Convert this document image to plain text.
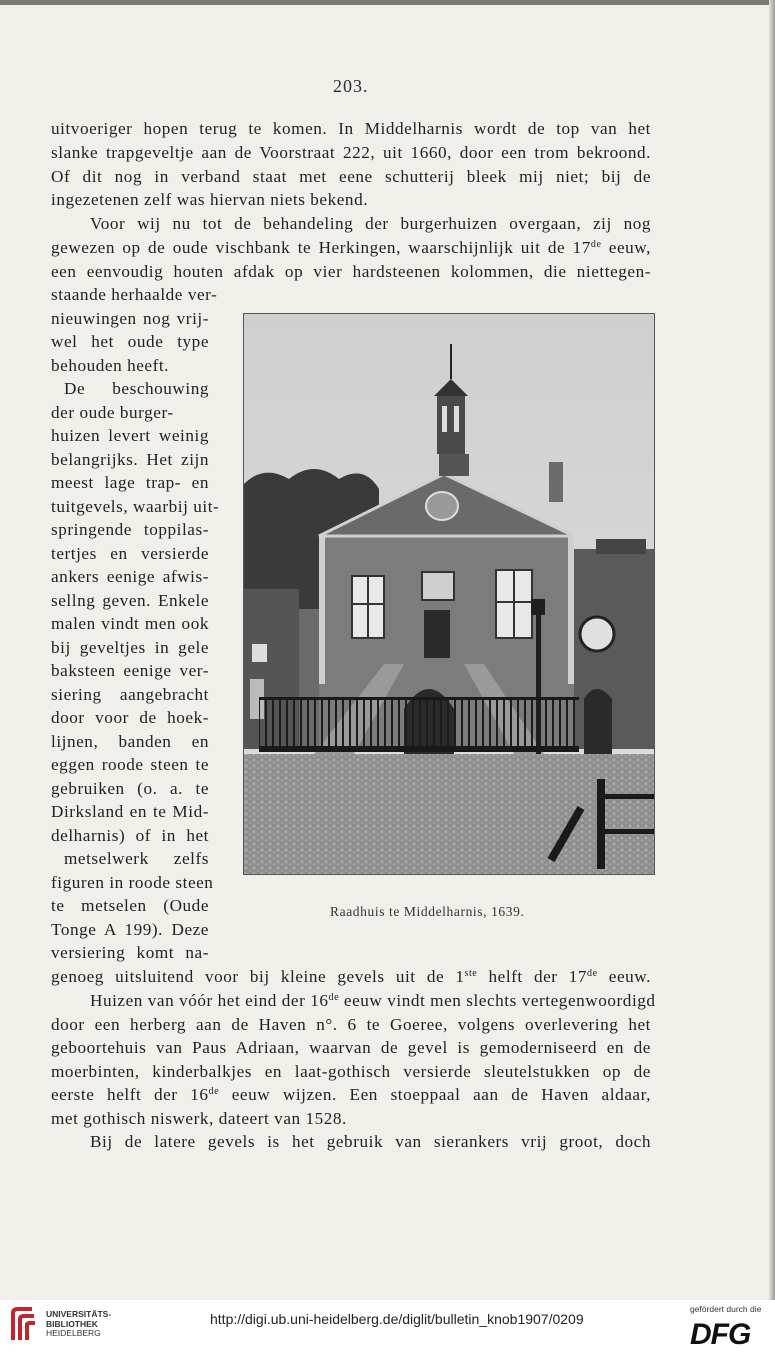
203.
uitvoeriger hopen terug te komen. In Middelharnis wordt de top van het
slanke trapgeveltje aan de Voorstraat 222, uit 1660, door een trom bekroond.
Of dit nog in verband staat met eene schutterij bleek mij niet; bij de
ingezetenen zelf was hiervan niets bekend.
Voor wij nu tot de behandeling der burgerhuizen overgaan, zij nog
gewezen op de oude vischbank te Herkingen, waarschijnlijk uit de 17de eeuw,
een eenvoudig houten afdak op vier hardsteenen kolommen, die niettegen-
staande herhaalde ver-
nieuwingen nog vrij-
wel het oude type
behouden heeft.
De beschouwing
der oude burger-
huizen levert weinig
belangrijks. Het zijn
meest lage trap- en
tuitgevels, waarbij uit-
springende toppilas-
tertjes en versierde
ankers eenige afwis-
sellng geven. Enkele
malen vindt men ook
bij geveltjes in gele
baksteen eenige ver-
siering aangebracht
door voor de hoek-
lijnen, banden en
eggen roode steen te
gebruiken (o. a. te
Dirksland en te Mid-
delharnis) of in het
metselwerk zelfs
figuren in roode steen
te metselen (Oude
Tonge A 199). Deze
versiering komt na-
genoeg uitsluitend voor bij kleine gevels uit de 1ste helft der 17de eeuw.
Huizen van vóór het eind der 16de eeuw vindt men slechts vertegenwoordigd
door een herberg aan de Haven n°. 6 te Goeree, volgens overlevering het
geboortehuis van Paus Adriaan, waarvan de gevel is gemoderniseerd en de
moerbinten, kinderbalkjes en laat-gothisch versierde sleutelstukken op de
eerste helft der 16de eeuw wijzen. Een stoeppaal aan de Haven aldaar,
met gothisch niswerk, dateert van 1528.
Bij de latere gevels is het gebruik van sierankers vrij groot, doch
Raadhuis te Middelharnis, 1639.
UNIVERSITÄTS-
BIBLIOTHEK
HEIDELBERG
http://digi.ub.uni-heidelberg.de/diglit/bulletin_knob1907/0209
gefördert durch die
DFG
